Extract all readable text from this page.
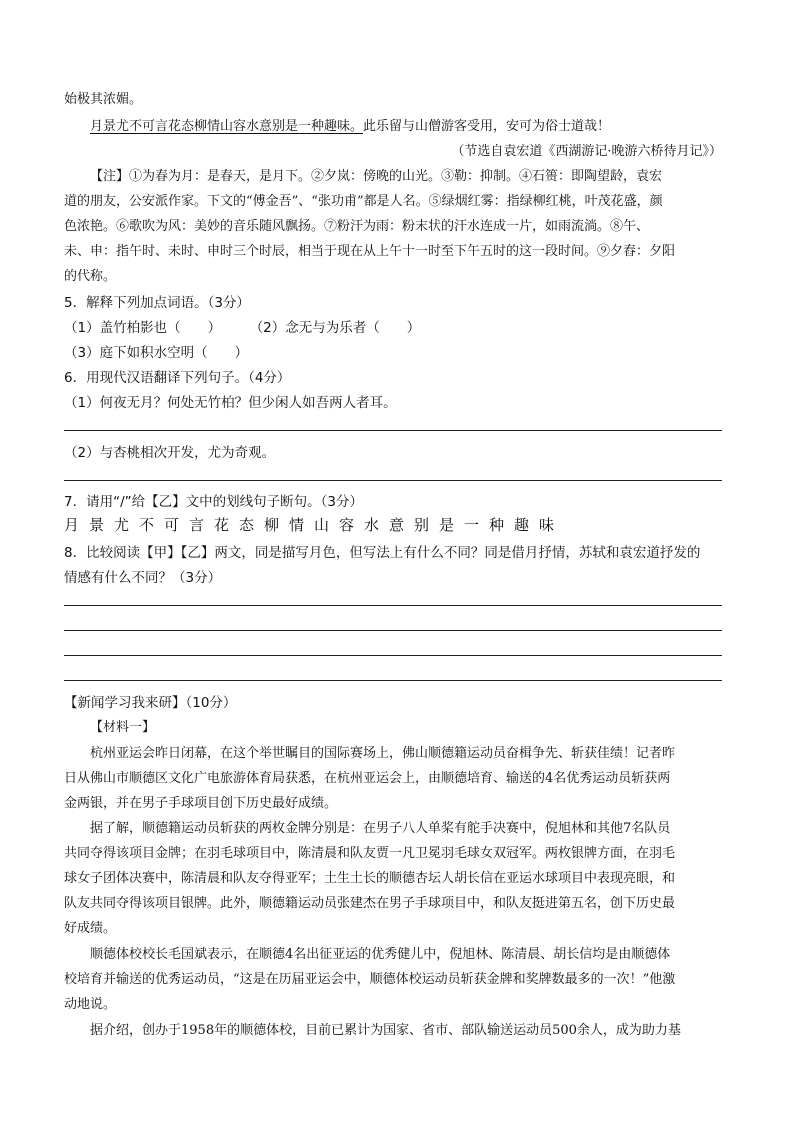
始极其浓媚。
月景尤不可言花态柳情山容水意别是一种趣味。此乐留与山僧游客受用，安可为俗士道哉！
（节选自袁宏道《西湖游记·晚游六桥待月记》）
【注】①为春为月：是春天，是月下。②夕岚：傍晚的山光。③勒：抑制。④石篑：即陶望龄，袁宏
道的朋友，公安派作家。下文的“傅金吾”、“张功甫”都是人名。⑤绿烟红雾：指绿柳红桃，叶茂花盛，颜
色浓艳。⑥歌吹为风：美妙的音乐随风飘扬。⑦粉汗为雨：粉末状的汗水连成一片，如雨流淌。⑧午、
未、申：指午时、未时、申时三个时辰，相当于现在从上午十一时至下午五时的这一段时间。⑨夕舂：夕阳
的代称。
5．解释下列加点词语。（3分）
（1）盖竹柏影也（　　） （2）念无与为乐者（　　）
（3）庭下如积水空明（　　）
6．用现代汉语翻译下列句子。（4分）
（1）何夜无月？何处无竹柏？但少闲人如吾两人者耳。
（2）与杏桃相次开发，尤为奇观。
7．请用“/”给【乙】文中的划线句子断句。（3分）
月景尤不可言花态柳情山容水意别是一种趣味
8．比较阅读【甲】【乙】两文，同是描写月色，但写法上有什么不同？同是借月抒情，苏轼和袁宏道抒发的
情感有什么不同？（3分）
【新闻学习我来研】（10分）
【材料一】
杭州亚运会昨日闭幕，在这个举世瞩目的国际赛场上，佛山顺德籍运动员奋楫争先、斩获佳绩！记者昨
日从佛山市顺德区文化广电旅游体育局获悉，在杭州亚运会上，由顺德培育、输送的4名优秀运动员斩获两
金两银，并在男子手球项目创下历史最好成绩。
据了解，顺德籍运动员斩获的两枚金牌分别是：在男子八人单桨有舵手决赛中，倪旭林和其他7名队员
共同夺得该项目金牌；在羽毛球项目中，陈清晨和队友贾一凡卫冕羽毛球女双冠军。两枚银牌方面，在羽毛
球女子团体决赛中，陈清晨和队友夺得亚军；土生土长的顺德杏坛人胡长信在亚运水球项目中表现亮眼，和
队友共同夺得该项目银牌。此外，顺德籍运动员张建杰在男子手球项目中，和队友挺进第五名，创下历史最
好成绩。
顺德体校校长毛国斌表示，在顺德4名出征亚运的优秀健儿中，倪旭林、陈清晨、胡长信均是由顺德体
校培育并输送的优秀运动员，“这是在历届亚运会中，顺德体校运动员斩获金牌和奖牌数最多的一次！”他激
动地说。
据介绍，创办于1958年的顺德体校，目前已累计为国家、省市、部队输送运动员500余人，成为助力基
